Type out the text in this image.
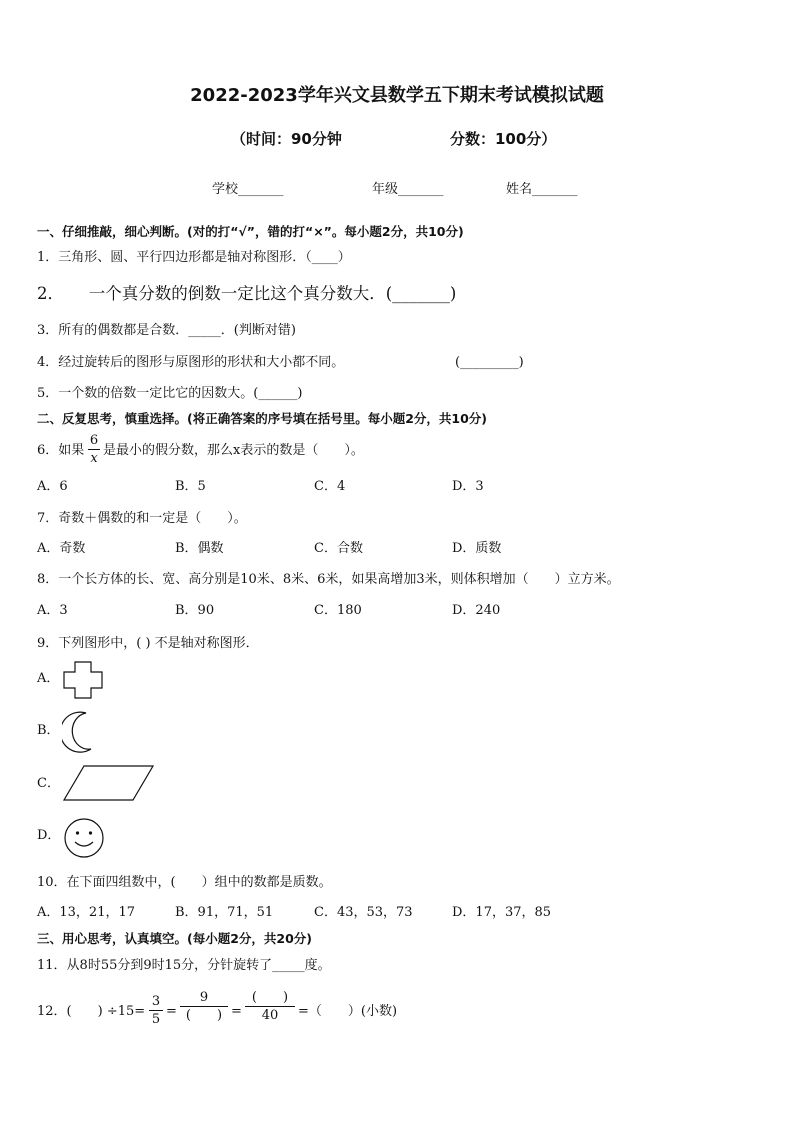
2022-2023学年兴文县数学五下期末考试模拟试题
（时间：90分钟	分数：100分）
学校_______	年级_______	姓名_______
一、仔细推敲，细心判断。(对的打“√”，错的打“×”。每小题2分，共10分)
1．三角形、圆、平行四边形都是轴对称图形．（____）
2．　　一个真分数的倒数一定比这个真分数大．(_______)
3．所有的偶数都是合数．_____．(判断对错)
4．经过旋转后的图形与原图形的形状和大小都不同。	(_________)
5．一个数的倍数一定比它的因数大。(______)
二、反复思考，慎重选择。(将正确答案的序号填在括号里。每小题2分，共10分)
6．如果
6
x
是最小的假分数，那么x表示的数是（　　）。
A．6	B．5	C．4	D．3
7．奇数＋偶数的和一定是（　　）。
A．奇数	B．偶数	C．合数	D．质数
8．一个长方体的长、宽、高分别是10米、8米、6米，如果高增加3米，则体积增加（　　）立方米。
A．3	B．90	C．180	D．240
9．下列图形中，( ) 不是轴对称图形．
A．
B．
C．
D．
10．在下面四组数中，(　　）组中的数都是质数。
A．13，21，17	B．91，71，51	C．43，53，73	D．17，37，85
三、用心思考，认真填空。(每小题2分，共20分)
11．从8时55分到9时15分，分针旋转了_____度。
12．(　　) ÷15=
3
5
=
9
(　　) =
(　　)
40	=（　　）(小数)
